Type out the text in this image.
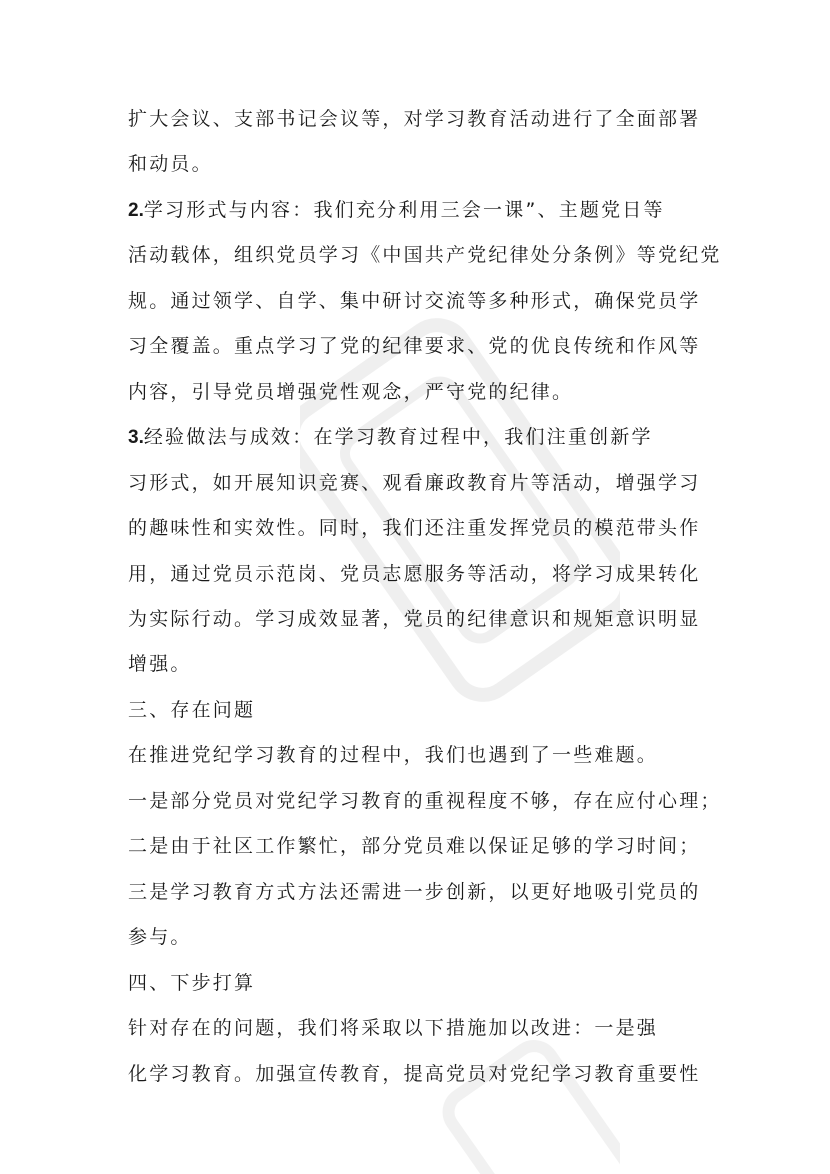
扩大会议、支部书记会议等，对学习教育活动进行了全面部署
和动员。
2.学习形式与内容：我们充分利用三会一课”、主题党日等
活动载体，组织党员学习《中国共产党纪律处分条例》等党纪党
规。通过领学、自学、集中研讨交流等多种形式，确保党员学
习全覆盖。重点学习了党的纪律要求、党的优良传统和作风等
内容，引导党员增强党性观念，严守党的纪律。
3.经验做法与成效：在学习教育过程中，我们注重创新学
习形式，如开展知识竞赛、观看廉政教育片等活动，增强学习
的趣味性和实效性。同时，我们还注重发挥党员的模范带头作
用，通过党员示范岗、党员志愿服务等活动，将学习成果转化
为实际行动。学习成效显著，党员的纪律意识和规矩意识明显
增强。
三、存在问题
在推进党纪学习教育的过程中，我们也遇到了一些难题。
一是部分党员对党纪学习教育的重视程度不够，存在应付心理；
二是由于社区工作繁忙，部分党员难以保证足够的学习时间；
三是学习教育方式方法还需进一步创新，以更好地吸引党员的
参与。
四、下步打算
针对存在的问题，我们将采取以下措施加以改进：一是强
化学习教育。加强宣传教育，提高党员对党纪学习教育重要性
